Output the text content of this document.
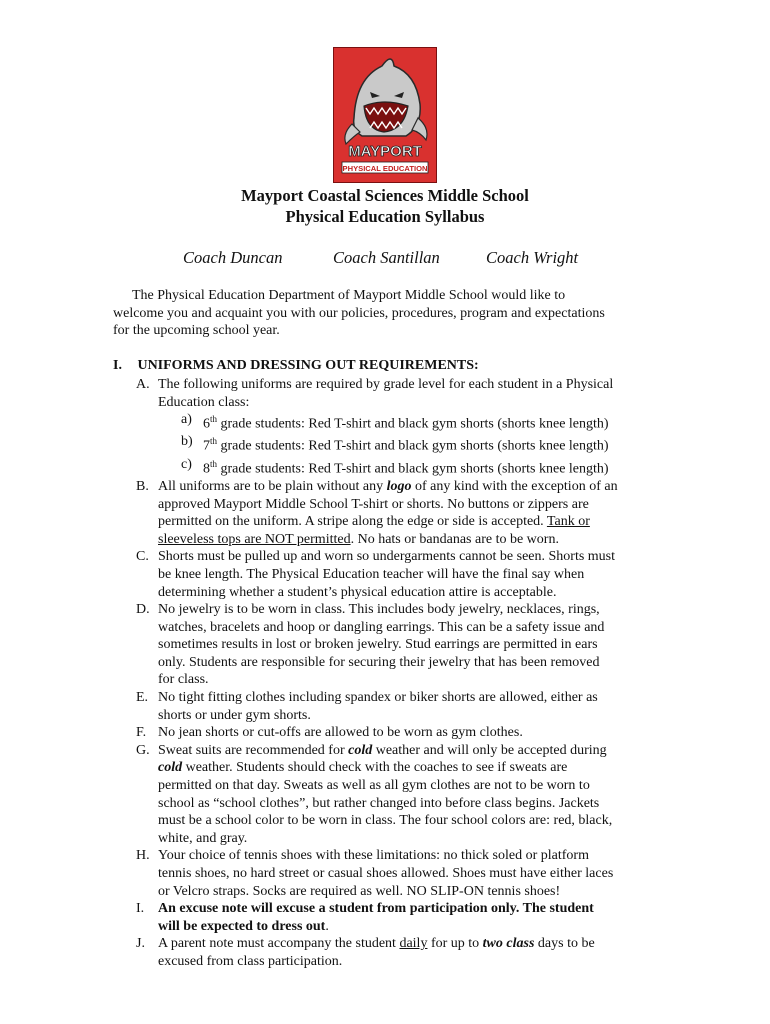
MAYPORT
PHYSICAL EDUCATION
Mayport Coastal Sciences Middle School
Physical Education Syllabus
Coach Duncan	Coach Santillan	Coach Wright
The Physical Education Department of Mayport Middle School would like to
welcome you and acquaint you with our policies, procedures, program and expectations
for the upcoming school year.
I. UNIFORMS AND DRESSING OUT REQUIREMENTS:
A. The following uniforms are required by grade level for each student in a Physical
Education class:
a) 6th grade students: Red T-shirt and black gym shorts (shorts knee length)
b) 7th grade students: Red T-shirt and black gym shorts (shorts knee length)
c) 8th grade students: Red T-shirt and black gym shorts (shorts knee length)
B. All uniforms are to be plain without any logo of any kind with the exception of an
approved Mayport Middle School T-shirt or shorts. No buttons or zippers are
permitted on the uniform. A stripe along the edge or side is accepted. Tank or
sleeveless tops are NOT permitted. No hats or bandanas are to be worn.
C. Shorts must be pulled up and worn so undergarments cannot be seen. Shorts must
be knee length. The Physical Education teacher will have the final say when
determining whether a student’s physical education attire is acceptable.
D. No jewelry is to be worn in class. This includes body jewelry, necklaces, rings,
watches, bracelets and hoop or dangling earrings. This can be a safety issue and
sometimes results in lost or broken jewelry. Stud earrings are permitted in ears
only. Students are responsible for securing their jewelry that has been removed
for class.
E. No tight fitting clothes including spandex or biker shorts are allowed, either as
shorts or under gym shorts.
F. No jean shorts or cut-offs are allowed to be worn as gym clothes.
G. Sweat suits are recommended for cold weather and will only be accepted during
cold weather. Students should check with the coaches to see if sweats are
permitted on that day. Sweats as well as all gym clothes are not to be worn to
school as “school clothes”, but rather changed into before class begins. Jackets
must be a school color to be worn in class. The four school colors are: red, black,
white, and gray.
H. Your choice of tennis shoes with these limitations: no thick soled or platform
tennis shoes, no hard street or casual shoes allowed. Shoes must have either laces
or Velcro straps. Socks are required as well. NO SLIP-ON tennis shoes!
I. An excuse note will excuse a student from participation only. The student
will be expected to dress out.
J. A parent note must accompany the student daily for up to two class days to be
excused from class participation.
